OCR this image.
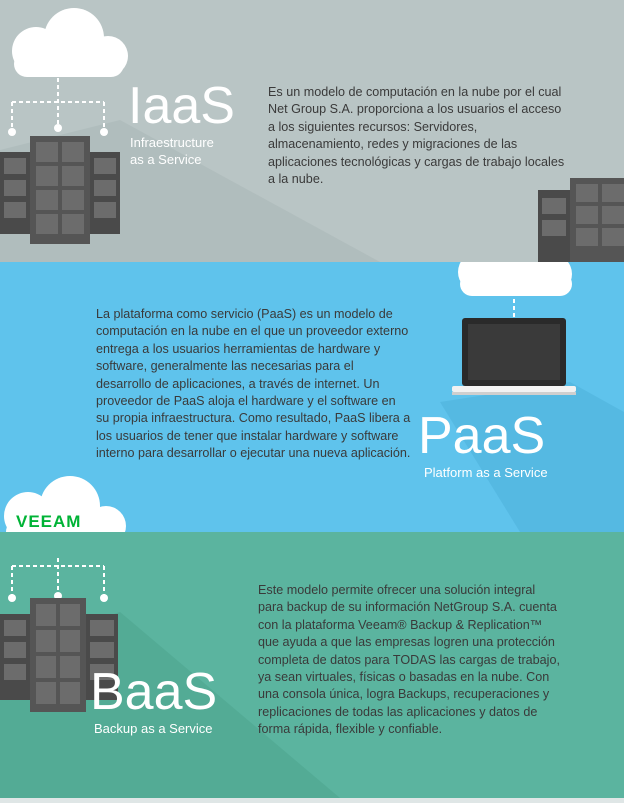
IaaS

Infraestructure

as a Service

Es un modelo de computación en la nube por el cual Net Group S.A. proporciona a los usuarios el acceso a los siguientes recursos: Servidores, almacenamiento, redes y migraciones de las aplicaciones tecnológicas y cargas de trabajo locales a la nube.

La plataforma como servicio (PaaS) es un modelo de computación en la nube en el que un proveedor externo entrega a los usuarios herramientas de hardware y software, generalmente las necesarias para el desarrollo de aplicaciones, a través de internet. Un proveedor de PaaS aloja el hardware y el software en su propia infraestructura. Como resultado, PaaS libera a los usuarios de tener que instalar hardware y software interno para desarrollar o ejecutar una nueva aplicación. PaaS

Platform as a Service

VEEAM
BaaS

Backup as a Service

Este modelo permite ofrecer una solución integral para backup de su información NetGroup S.A. cuenta con la plataforma Veeam® Backup & Replication™ que ayuda a que las empresas logren una protección completa de datos para TODAS las cargas de trabajo, ya sean virtuales, físicas o basadas en la nube. Con una consola única, logra Backups, recuperaciones y replicaciones de todas las aplicaciones y datos de forma rápida, flexible y confiable.
